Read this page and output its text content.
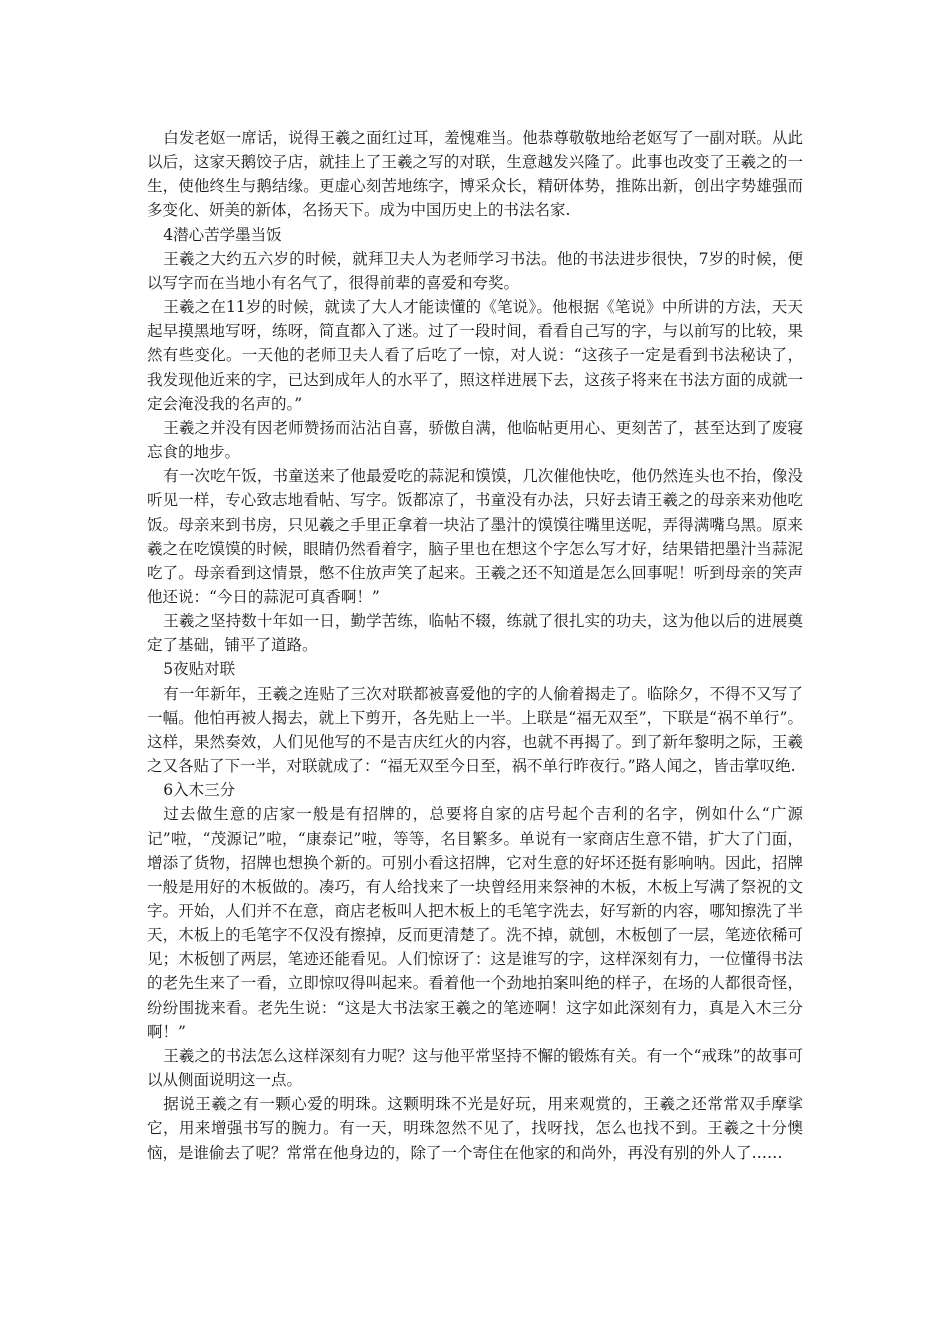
白发老妪一席话，说得王羲之面红过耳，羞愧难当。他恭尊敬敬地给老妪写了一副对联。从此以后，这家天鹅饺子店，就挂上了王羲之写的对联，生意越发兴隆了。此事也改变了王羲之的一生，使他终生与鹅结缘。更虚心刻苦地练字，博采众长，精研体势，推陈出新，创出字势雄强而多变化、妍美的新体，名扬天下。成为中国历史上的书法名家.

4潜心苦学墨当饭

王羲之大约五六岁的时候，就拜卫夫人为老师学习书法。他的书法进步很快，7岁的时候，便以写字而在当地小有名气了，很得前辈的喜爱和夸奖。

王羲之在11岁的时候，就读了大人才能读懂的《笔说》。他根据《笔说》中所讲的方法，天天起早摸黑地写呀，练呀，简直都入了迷。过了一段时间，看看自己写的字，与以前写的比较，果然有些变化。一天他的老师卫夫人看了后吃了一惊，对人说：“这孩子一定是看到书法秘诀了，我发现他近来的字，已达到成年人的水平了，照这样进展下去，这孩子将来在书法方面的成就一定会淹没我的名声的。”

王羲之并没有因老师赞扬而沾沾自喜，骄傲自满，他临帖更用心、更刻苦了，甚至达到了废寝忘食的地步。

有一次吃午饭，书童送来了他最爱吃的蒜泥和馍馍，几次催他快吃，他仍然连头也不抬，像没听见一样，专心致志地看帖、写字。饭都凉了，书童没有办法，只好去请王羲之的母亲来劝他吃饭。母亲来到书房，只见羲之手里正拿着一块沾了墨汁的馍馍往嘴里送呢，弄得满嘴乌黑。原来羲之在吃馍馍的时候，眼睛仍然看着字，脑子里也在想这个字怎么写才好，结果错把墨汁当蒜泥吃了。母亲看到这情景，憋不住放声笑了起来。王羲之还不知道是怎么回事呢！听到母亲的笑声他还说：“今日的蒜泥可真香啊！”

王羲之坚持数十年如一日，勤学苦练，临帖不辍，练就了很扎实的功夫，这为他以后的进展奠定了基础，铺平了道路。

5夜贴对联

有一年新年，王羲之连贴了三次对联都被喜爱他的字的人偷着揭走了。临除夕，不得不又写了一幅。他怕再被人揭去，就上下剪开，各先贴上一半。上联是“福无双至”，下联是“祸不单行”。这样，果然奏效，人们见他写的不是吉庆红火的内容，也就不再揭了。到了新年黎明之际，王羲之又各贴了下一半，对联就成了：“福无双至今日至，祸不单行昨夜行。”路人闻之，皆击掌叹绝.

6入木三分

过去做生意的店家一般是有招牌的，总要将自家的店号起个吉利的名字，例如什么“广源记”啦，“茂源记”啦，“康泰记”啦，等等，名目繁多。单说有一家商店生意不错，扩大了门面，增添了货物，招牌也想换个新的。可别小看这招牌，它对生意的好坏还挺有影响呐。因此，招牌一般是用好的木板做的。凑巧，有人给找来了一块曾经用来祭神的木板，木板上写满了祭祝的文字。开始，人们并不在意，商店老板叫人把木板上的毛笔字洗去，好写新的内容，哪知擦洗了半天，木板上的毛笔字不仅没有擦掉，反而更清楚了。洗不掉，就刨，木板刨了一层，笔迹依稀可见；木板刨了两层，笔迹还能看见。人们惊讶了：这是谁写的字，这样深刻有力，一位懂得书法的老先生来了一看，立即惊叹得叫起来。看着他一个劲地拍案叫绝的样子，在场的人都很奇怪，纷纷围拢来看。老先生说：“这是大书法家王羲之的笔迹啊！这字如此深刻有力，真是入木三分啊！”

王羲之的书法怎么这样深刻有力呢？这与他平常坚持不懈的锻炼有关。有一个“戒珠”的故事可以从侧面说明这一点。

据说王羲之有一颗心爱的明珠。这颗明珠不光是好玩，用来观赏的，王羲之还常常双手摩挲它，用来增强书写的腕力。有一天，明珠忽然不见了，找呀找，怎么也找不到。王羲之十分懊恼，是谁偷去了呢？常常在他身边的，除了一个寄住在他家的和尚外，再没有别的外人了……
